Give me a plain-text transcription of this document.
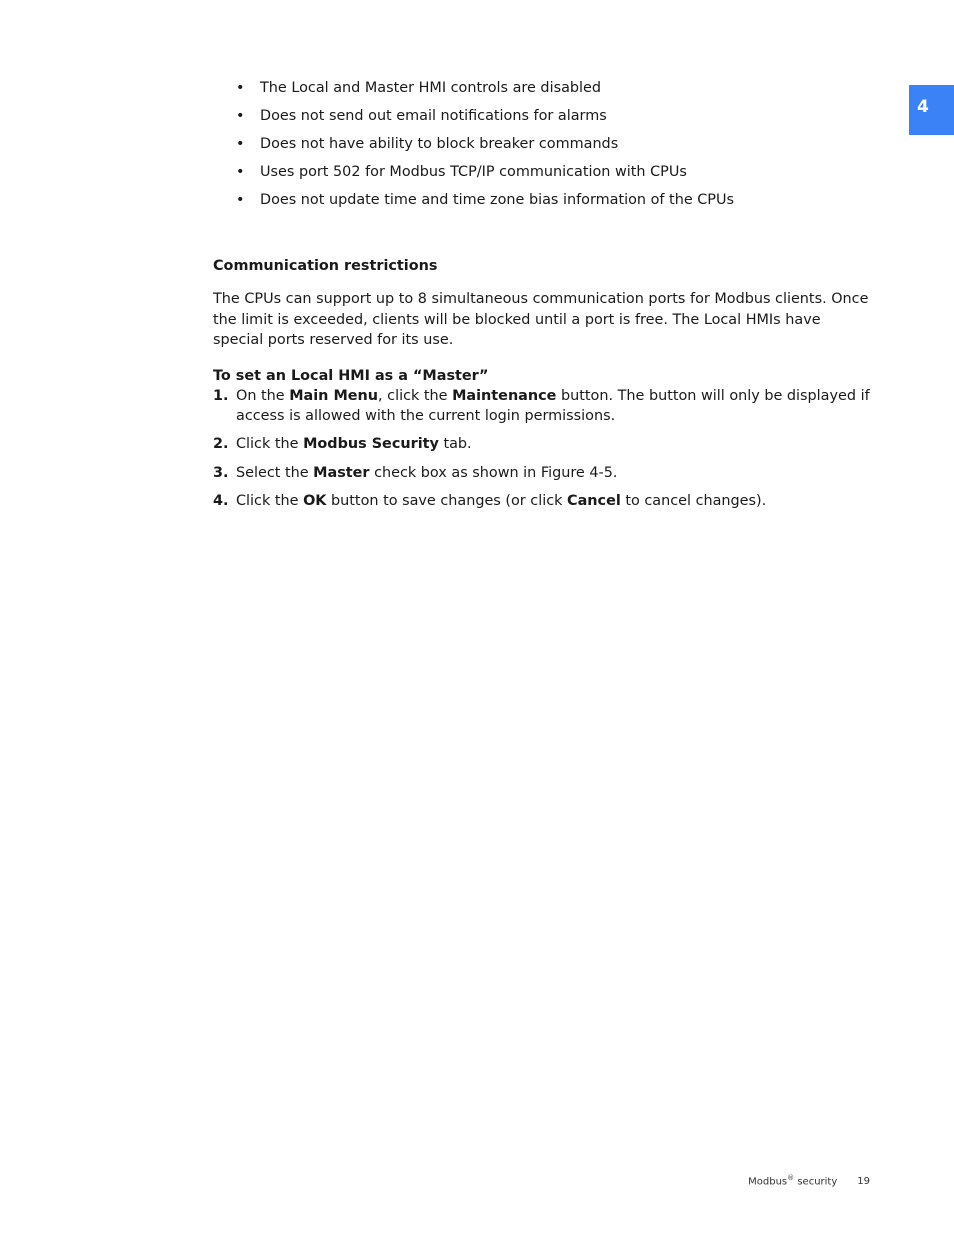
4
• The Local and Master HMI controls are disabled
• Does not send out email notifications for alarms
• Does not have ability to block breaker commands
• Uses port 502 for Modbus TCP/IP communication with CPUs
• Does not update time and time zone bias information of the CPUs
Communication restrictions

The CPUs can support up to 8 simultaneous communication ports for Modbus clients. Once the limit is exceeded, clients will be blocked until a port is free. The Local HMIs have special ports reserved for its use.

To set an Local HMI as a “Master”
1. On the Main Menu, click the Maintenance button. The button will only be displayed if access is allowed with the current login permissions.
2. Click the Modbus Security tab.
3. Select the Master check box as shown in Figure 4-5.
4. Click the OK button to save changes (or click Cancel to cancel changes).
Modbus® security 19
